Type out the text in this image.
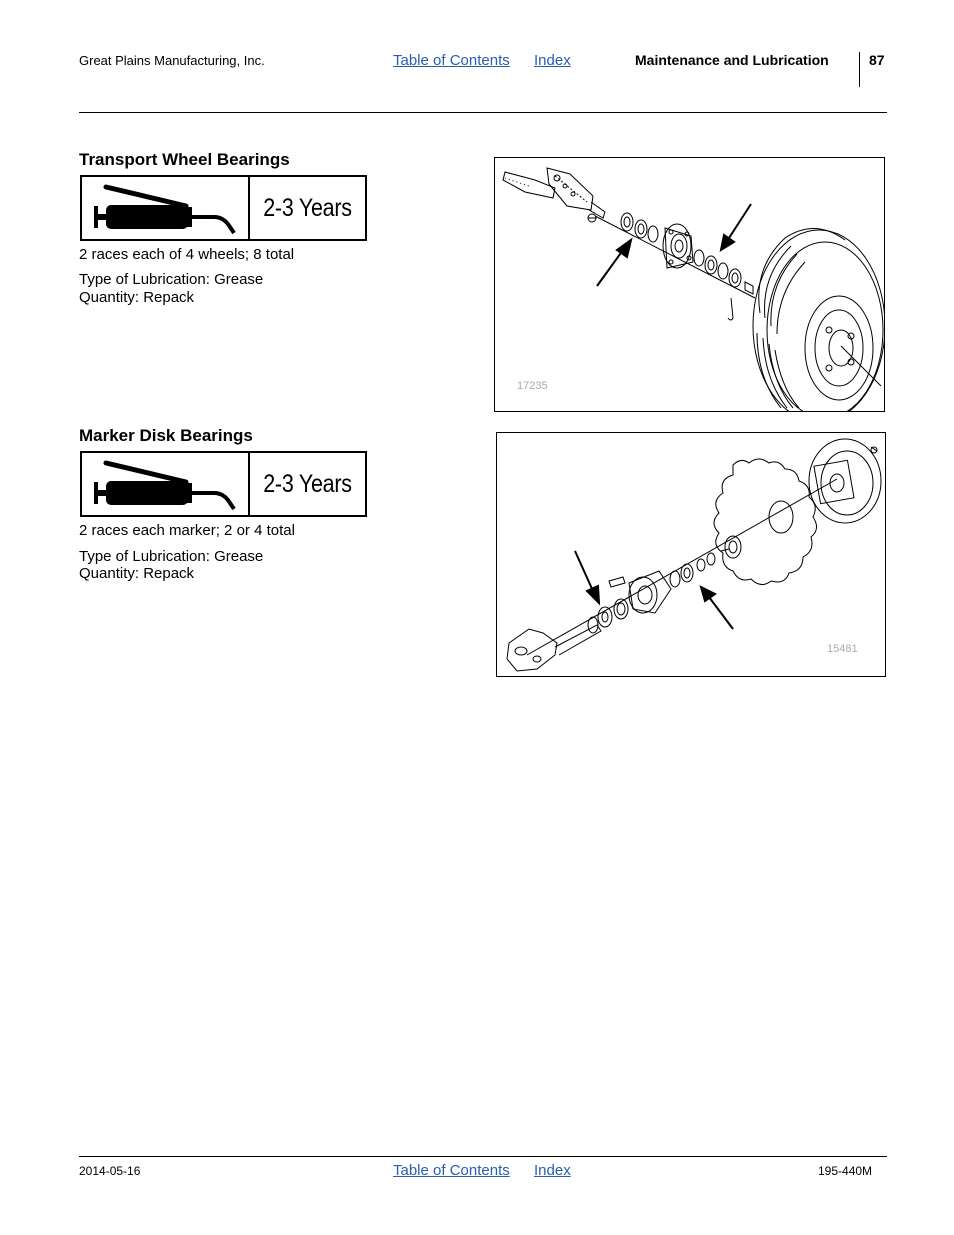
Great Plains Manufacturing, Inc.	Table of Contents Index	Maintenance and Lubrication	87
Transport Wheel Bearings
2-3 Years
2 races each of 4 wheels; 8 total
Type of Lubrication: Grease
Quantity: Repack
17235
Marker Disk Bearings
2-3 Years
2 races each marker; 2 or 4 total
Type of Lubrication: Grease
Quantity: Repack
15481
2014-05-16	Table of Contents Index	195-440M
